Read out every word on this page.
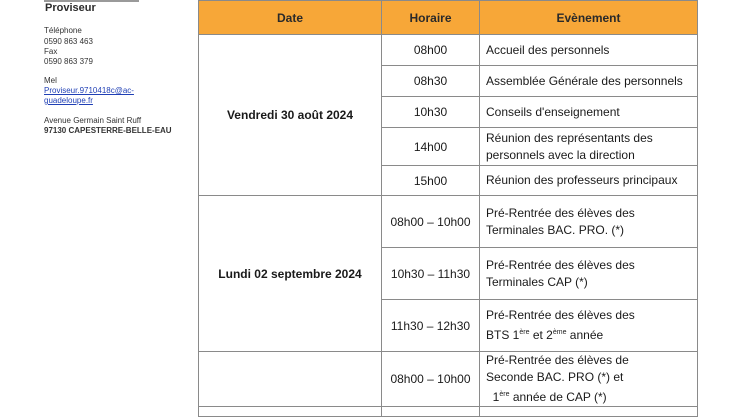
Proviseur
Téléphone
0590 863 463
Fax
0590 863 379
Mel
Proviseur.9710418c@ac-
guadeloupe.fr
Avenue Germain Saint Ruff
97130 CAPESTERRE-BELLE-EAU
Date	Horaire	Evènement
Vendredi 30 août 2024	08h00	Accueil des personnels

	08h30	Assemblée Générale des personnels

	10h30	Conseils d'enseignement

	14h00	Réunion des représentants des
personnels avec la direction

	15h00	Réunion des professeurs principaux

Lundi 02 septembre 2024	08h00 – 10h00	Pré-Rentrée des élèves des
Terminales BAC. PRO. (*)

	10h30 – 11h30	Pré-Rentrée des élèves des
Terminales CAP (*)

	11h30 – 12h30	Pré-Rentrée des élèves des
BTS 1ère et 2ème année

	08h00 – 10h00	Pré-Rentrée des élèves de
Seconde BAC. PRO (*) et
1ère année de CAP (*)
